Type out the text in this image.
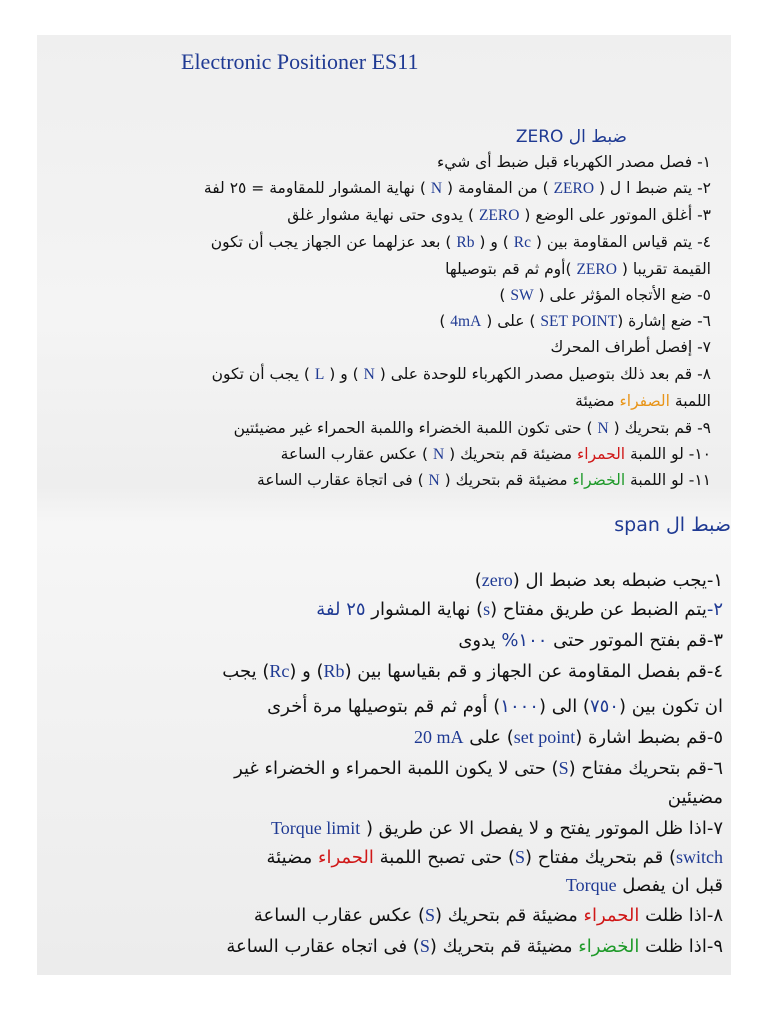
Electronic Positioner ES11
ضبط ال ZERO

١- فصل مصدر الكهرباء قبل ضبط أى شيء

٢- يتم ضبط ا ل ( ZERO ) من المقاومة ( N ) نهاية المشوار للمقاومة = ٢٥ لفة

٣- أغلق الموتور على الوضع ( ZERO ) يدوى حتى نهاية مشوار غلق

٤- يتم قياس المقاومة بين ( Rc ) و ( Rb ) بعد عزلهما عن الجهاز يجب أن تكون

القيمة تقريبا ( ZERO )أوم ثم قم بتوصيلها

٥- ضع الأتجاه المؤثر على ( SW )

٦- ضع إشارة (SET POINT ) على ( 4mA )

٧- إفصل أطراف المحرك

٨- قم بعد ذلك بتوصيل مصدر الكهرباء للوحدة على ( N ) و ( L ) يجب أن تكون

اللمبة الصفراء مضيئة

٩- قم بتحريك ( N ) حتى تكون اللمبة الخضراء واللمبة الحمراء غير مضيئتين

١٠- لو اللمبة الحمراء مضيئة قم بتحريك ( N ) عكس عقارب الساعة

١١- لو اللمبة الخضراء مضيئة قم بتحريك ( N ) فى اتجاة عقارب الساعة

ضبط ال span

١-يجب ضبطه بعد ضبط ال (zero)

٢-يتم الضبط عن طريق مفتاح (s) نهاية المشوار ٢٥ لفة

٣-قم بفتح الموتور حتى ١٠٠% يدوى

٤-قم بفصل المقاومة عن الجهاز و قم بقياسها بين (Rb) و (Rc) يجب

ان تكون بين (٧٥٠) الى (١٠٠٠) أوم ثم قم بتوصيلها مرة أخرى

٥-قم بضبط اشارة (set point) على 20 mA

٦-قم بتحريك مفتاح (S) حتى لا يكون اللمبة الحمراء و الخضراء غير

مضيئين

٧-اذا ظل الموتور يفتح و لا يفصل الا عن طريق ( Torque limit

switch) قم بتحريك مفتاح (S) حتى تصبح اللمبة الحمراء مضيئة

قبل ان يفصل Torque

٨-اذا ظلت الحمراء مضيئة قم بتحريك (S) عكس عقارب الساعة

٩-اذا ظلت الخضراء مضيئة قم بتحريك (S) فى اتجاه عقارب الساعة
